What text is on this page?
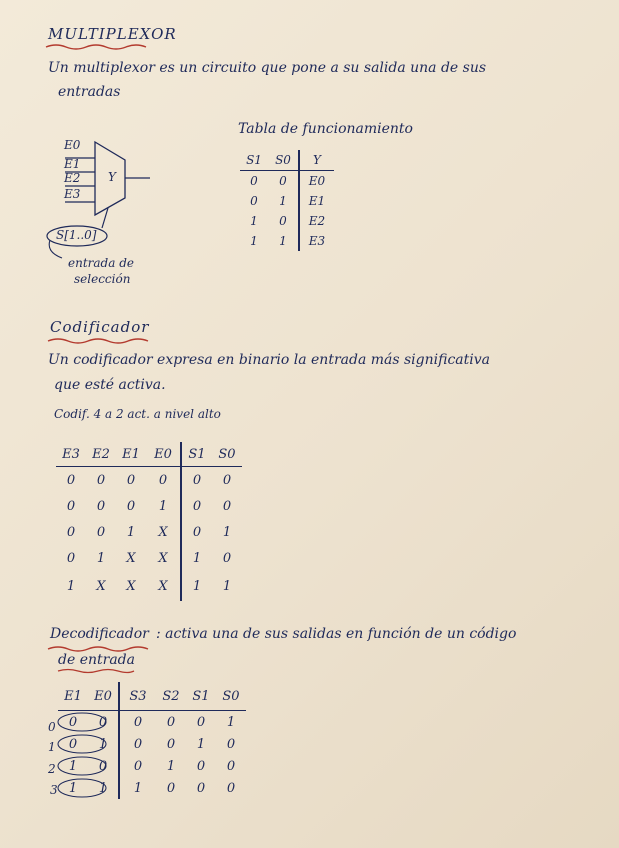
MULTIPLEXOR
Un multiplexor es un circuito que pone a su salida una de sus
entradas
E0
E1
E2
E3
Y
S[1..0]
entrada de
selección
Tabla de funcionamiento
S1	S0	Y
0	0	E0
0	1	E1
1	0	E2
1	1	E3
Codificador
Un codificador expresa en binario la entrada más significativa
que esté activa.
Codif. 4 a 2 act. a nivel alto
E3	E2	E1	E0	S1	S0
0	0	0	0	0	0
0	0	0	1	0	0
0	0	1	X	0	1
0	1	X	X	1	0
1	X	X	X	1	1
Decodificador : activa una de sus salidas en función de un código
de entrada
0
1
2
3
E1	E0	S3	S2	S1	S0
0	0	0	0	0	1
0	1	0	0	1	0
1	0	0	1	0	0
1	1	1	0	0	0
